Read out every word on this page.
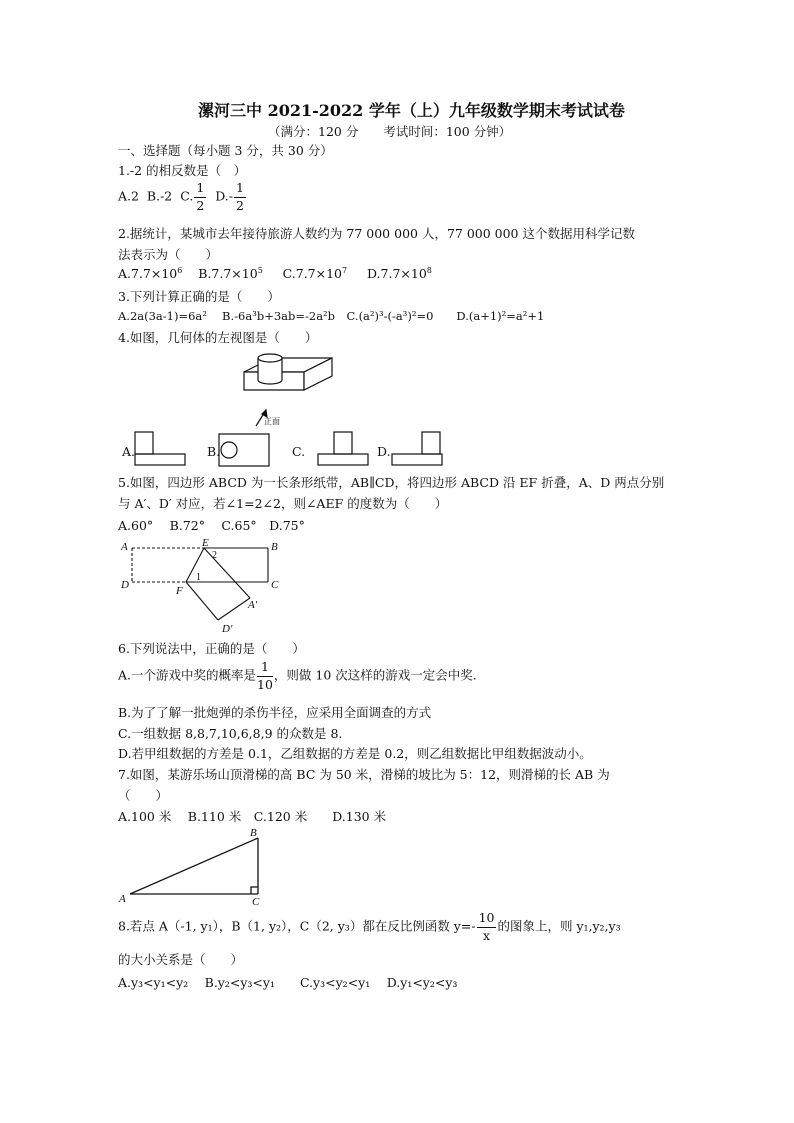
漯河三中 2021-2022 学年（上）九年级数学期末考试试卷
（满分：120 分　　考试时间：100 分钟）
一、选择题（每小题 3 分，共 30 分）
1.-2 的相反数是（　）
A.2 B.-2 C. $\frac{1}{2} D.- \frac{1}{2}$
2.据统计，某城市去年接待旅游人数约为 77 000 000 人，77 000 000 这个数据用科学记数
法表示为（　　）
$A.7.7\times 10^6$ $B.7.7\times 10^5$ $C.7.7\times 10^7$ $D.7.7\times 10^8$
3.下列计算正确的是（　　）
A.2a(3a-1)=6a²　 B.-6a³b+3ab=-2a²b　C.(a²)³-(-a³)²=0　　D.(a+1)²=a²+1
4.如图，几何体的左视图是（　　）
正面
A.	B.	C.	D.
5.如图，四边形 ABCD 为一长条形纸带，AB∥CD，将四边形 ABCD 沿 EF 折叠，A、D 两点分别
与 A′、D′ 对应，若∠1=2∠2，则∠AEF 的度数为（　　）
A.60°　 B.72°　 C.65°　D.75°
A	B
C
D
E
F
A′
D′
2
1
6.下列说法中，正确的是（　　）
A.一个游戏中奖的概率是 $\frac{1}{10}$ ，则做 10 次这样的游戏一定会中奖.
B.为了了解一批炮弹的杀伤半径，应采用全面调查的方式
C.一组数据 8,8,7,10,6,8,9 的众数是 8.
D.若甲组数据的方差是 0.1，乙组数据的方差是 0.2，则乙组数据比甲组数据波动小。
7.如图，某游乐场山顶滑梯的高 BC 为 50 米，滑梯的坡比为 5：12，则滑梯的长 AB 为
（　　）
A.100 米　 B.110 米　C.120 米　　D.130 米
A
B
C
8.若点 A（-1, y₁），B（1, y₂），C（2, y₃）都在反比例函数 $y=- \frac{10}{x}$ 的图象上，则 y₁,y₂,y₃
的大小关系是（　　）
A.y₃<y₁<y₂　 B.y₂<y₃<y₁　　C.y₃<y₂<y₁　 D.y₁<y₂<y₃
